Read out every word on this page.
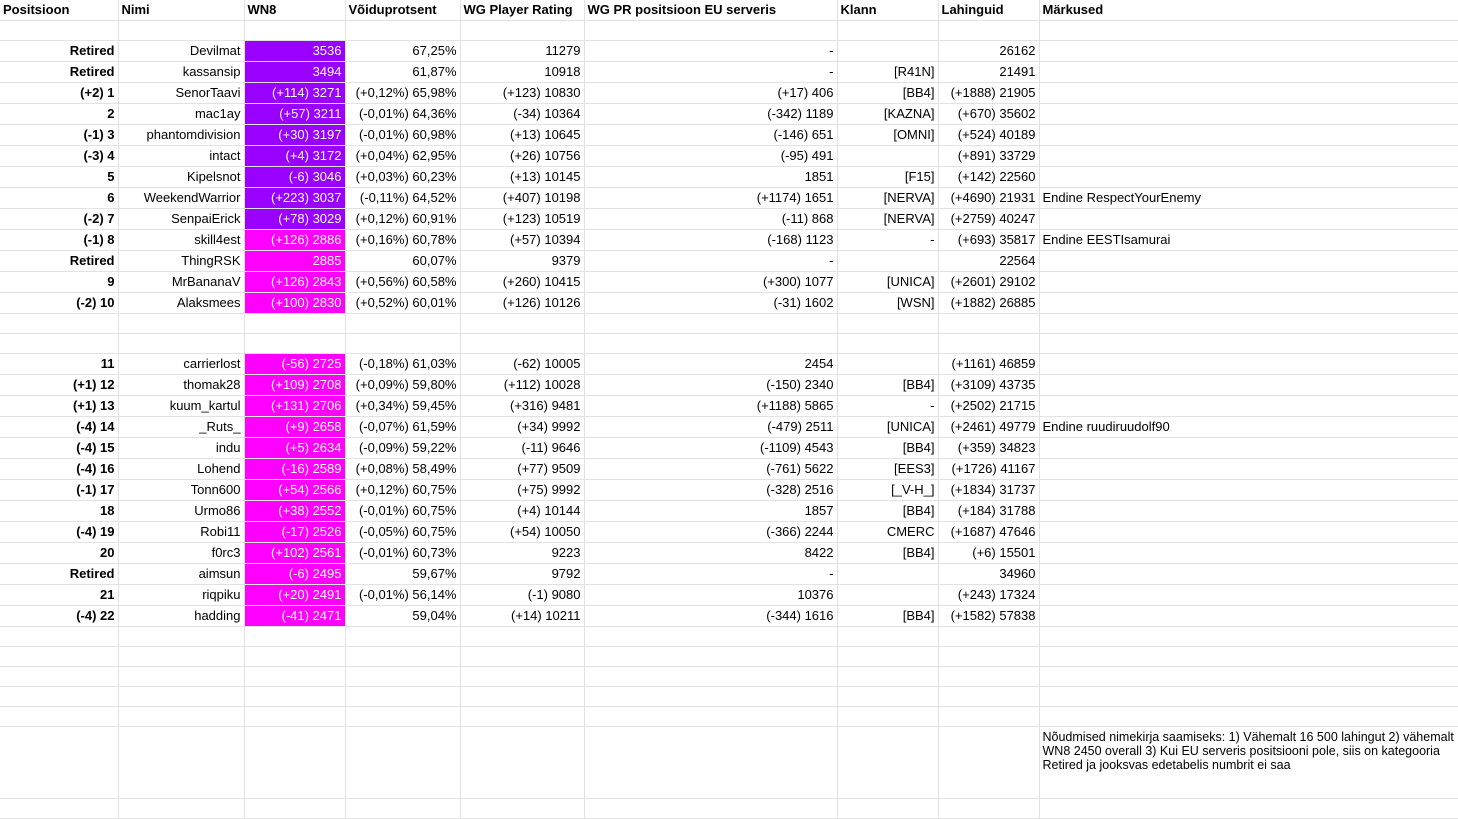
Positsioon	Nimi	WN8	Võiduprotsent	WG Player Rating	WG PR positsioon EU serveris	Klann	Lahinguid	Märkused

Retired	Devilmat	3536	67,25%	11279	-		26162	
Retired	kassansip	3494	61,87%	10918	-	[R41N]	21491	
(+2) 1	SenorTaavi	(+114) 3271	(+0,12%) 65,98%	(+123) 10830	(+17) 406	[BB4]	(+1888) 21905	
2	mac1ay	(+57) 3211	(-0,01%) 64,36%	(-34) 10364	(-342) 1189	[KAZNA]	(+670) 35602	
(-1) 3	phantomdivision	(+30) 3197	(-0,01%) 60,98%	(+13) 10645	(-146) 651	[OMNI]	(+524) 40189	
(-3) 4	intact	(+4) 3172	(+0,04%) 62,95%	(+26) 10756	(-95) 491		(+891) 33729	
5	Kipelsnot	(-6) 3046	(+0,03%) 60,23%	(+13) 10145	1851	[F15]	(+142) 22560	
6	WeekendWarrior	(+223) 3037	(-0,11%) 64,52%	(+407) 10198	(+1174) 1651	[NERVA]	(+4690) 21931	Endine RespectYourEnemy
(-2) 7	SenpaiErick	(+78) 3029	(+0,12%) 60,91%	(+123) 10519	(-11) 868	[NERVA]	(+2759) 40247	
(-1) 8	skill4est	(+126) 2886	(+0,16%) 60,78%	(+57) 10394	(-168) 1123	-	(+693) 35817	Endine EESTIsamurai
Retired	ThingRSK	2885	60,07%	9379	-		22564	
9	MrBananaV	(+126) 2843	(+0,56%) 60,58%	(+260) 10415	(+300) 1077	[UNICA]	(+2601) 29102	
(-2) 10	Alaksmees	(+100) 2830	(+0,52%) 60,01%	(+126) 10126	(-31) 1602	[WSN]	(+1882) 26885	

11	carrierlost	(-56) 2725	(-0,18%) 61,03%	(-62) 10005	2454		(+1161) 46859	
(+1) 12	thomak28	(+109) 2708	(+0,09%) 59,80%	(+112) 10028	(-150) 2340	[BB4]	(+3109) 43735	
(+1) 13	kuum_kartul	(+131) 2706	(+0,34%) 59,45%	(+316) 9481	(+1188) 5865	-	(+2502) 21715	
(-4) 14	_Ruts_	(+9) 2658	(-0,07%) 61,59%	(+34) 9992	(-479) 2511	[UNICA]	(+2461) 49779	Endine ruudiruudolf90
(-4) 15	indu	(+5) 2634	(-0,09%) 59,22%	(-11) 9646	(-1109) 4543	[BB4]	(+359) 34823	
(-4) 16	Lohend	(-16) 2589	(+0,08%) 58,49%	(+77) 9509	(-761) 5622	[EES3]	(+1726) 41167	
(-1) 17	Tonn600	(+54) 2566	(+0,12%) 60,75%	(+75) 9992	(-328) 2516	[_V-H_]	(+1834) 31737	
18	Urmo86	(+38) 2552	(-0,01%) 60,75%	(+4) 10144	1857	[BB4]	(+184) 31788	
(-4) 19	Robi11	(-17) 2526	(-0,05%) 60,75%	(+54) 10050	(-366) 2244	CMERC	(+1687) 47646	
20	f0rc3	(+102) 2561	(-0,01%) 60,73%	9223	8422	[BB4]	(+6) 15501	
Retired	aimsun	(-6) 2495	59,67%	9792	-		34960	
21	riqpiku	(+20) 2491	(-0,01%) 56,14%	(-1) 9080	10376		(+243) 17324	
(-4) 22	hadding	(-41) 2471	59,04%	(+14) 10211	(-344) 1616	[BB4]	(+1582) 57838	

								Nõudmised nimekirja saamiseks: 1) Vähemalt 16 500 lahingut 2) vähemalt WN8 2450 overall 3) Kui EU serveris positsiooni pole, siis on kategooria Retired ja jooksvas edetabelis numbrit ei saa
